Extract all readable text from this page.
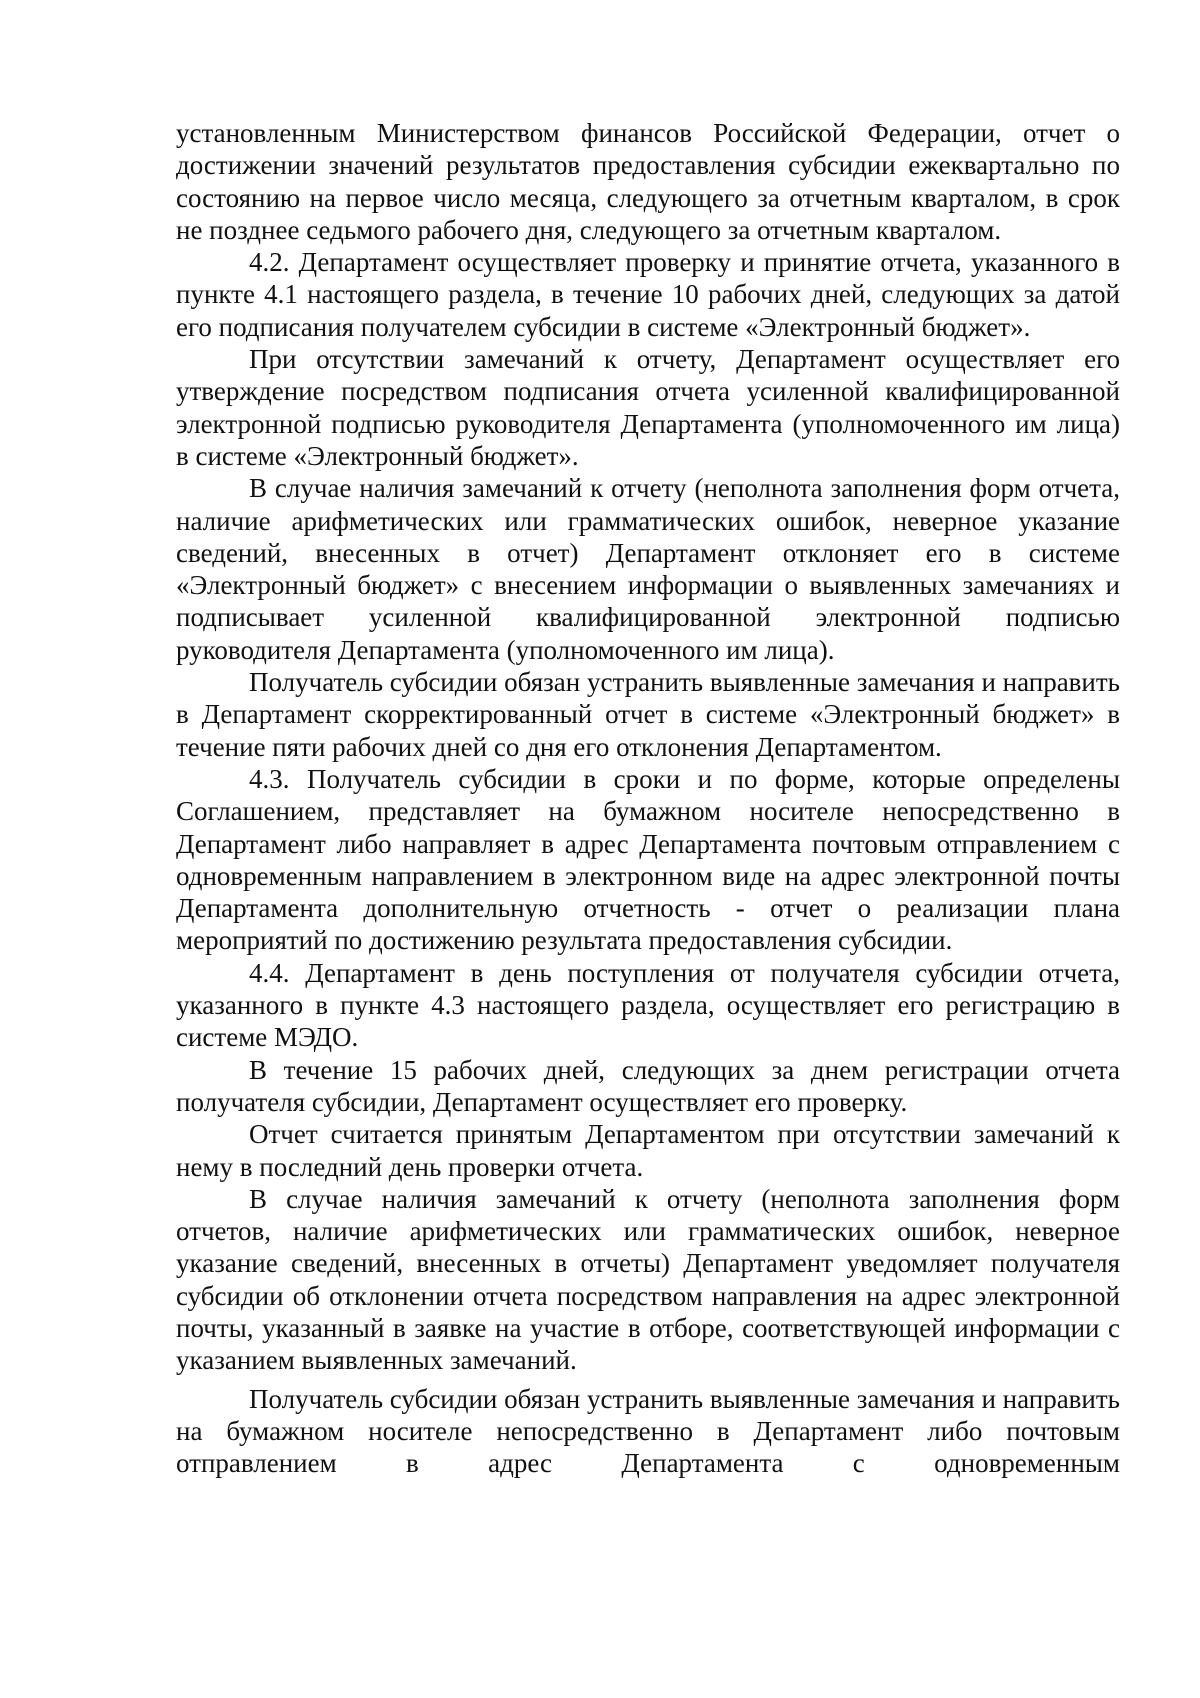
установленным Министерством финансов Российской Федерации, отчет о достижении значений результатов предоставления субсидии ежеквартально по состоянию на первое число месяца, следующего за отчетным кварталом, в срок не позднее седьмого рабочего дня, следующего за отчетным кварталом.

4.2. Департамент осуществляет проверку и принятие отчета, указанного в пункте 4.1 настоящего раздела, в течение 10 рабочих дней, следующих за датой его подписания получателем субсидии в системе «Электронный бюджет».

При отсутствии замечаний к отчету, Департамент осуществляет его утверждение посредством подписания отчета усиленной квалифицированной электронной подписью руководителя Департамента (уполномоченного им лица) в системе «Электронный бюджет».

В случае наличия замечаний к отчету (неполнота заполнения форм отчета, наличие арифметических или грамматических ошибок, неверное указание сведений, внесенных в отчет) Департамент отклоняет его в системе «Электронный бюджет» с внесением информации о выявленных замечаниях и подписывает усиленной квалифицированной электронной подписью руководителя Департамента (уполномоченного им лица).

Получатель субсидии обязан устранить выявленные замечания и направить в Департамент скорректированный отчет в системе «Электронный бюджет» в течение пяти рабочих дней со дня его отклонения Департаментом.

4.3. Получатель субсидии в сроки и по форме, которые определены Соглашением, представляет на бумажном носителе непосредственно в Департамент либо направляет в адрес Департамента почтовым отправлением с одновременным направлением в электронном виде на адрес электронной почты Департамента дополнительную отчетность - отчет о реализации плана мероприятий по достижению результата предоставления субсидии.

4.4. Департамент в день поступления от получателя субсидии отчета, указанного в пункте 4.3 настоящего раздела, осуществляет его регистрацию в системе МЭДО.

В течение 15 рабочих дней, следующих за днем регистрации отчета получателя субсидии, Департамент осуществляет его проверку.

Отчет считается принятым Департаментом при отсутствии замечаний к нему в последний день проверки отчета.

В случае наличия замечаний к отчету (неполнота заполнения форм отчетов, наличие арифметических или грамматических ошибок, неверное указание сведений, внесенных в отчеты) Департамент уведомляет получателя субсидии об отклонении отчета посредством направления на адрес электронной почты, указанный в заявке на участие в отборе, соответствующей информации с указанием выявленных замечаний.

Получатель субсидии обязан устранить выявленные замечания и направить на бумажном носителе непосредственно в Департамент либо почтовым отправлением в адрес Департамента с одновременным
